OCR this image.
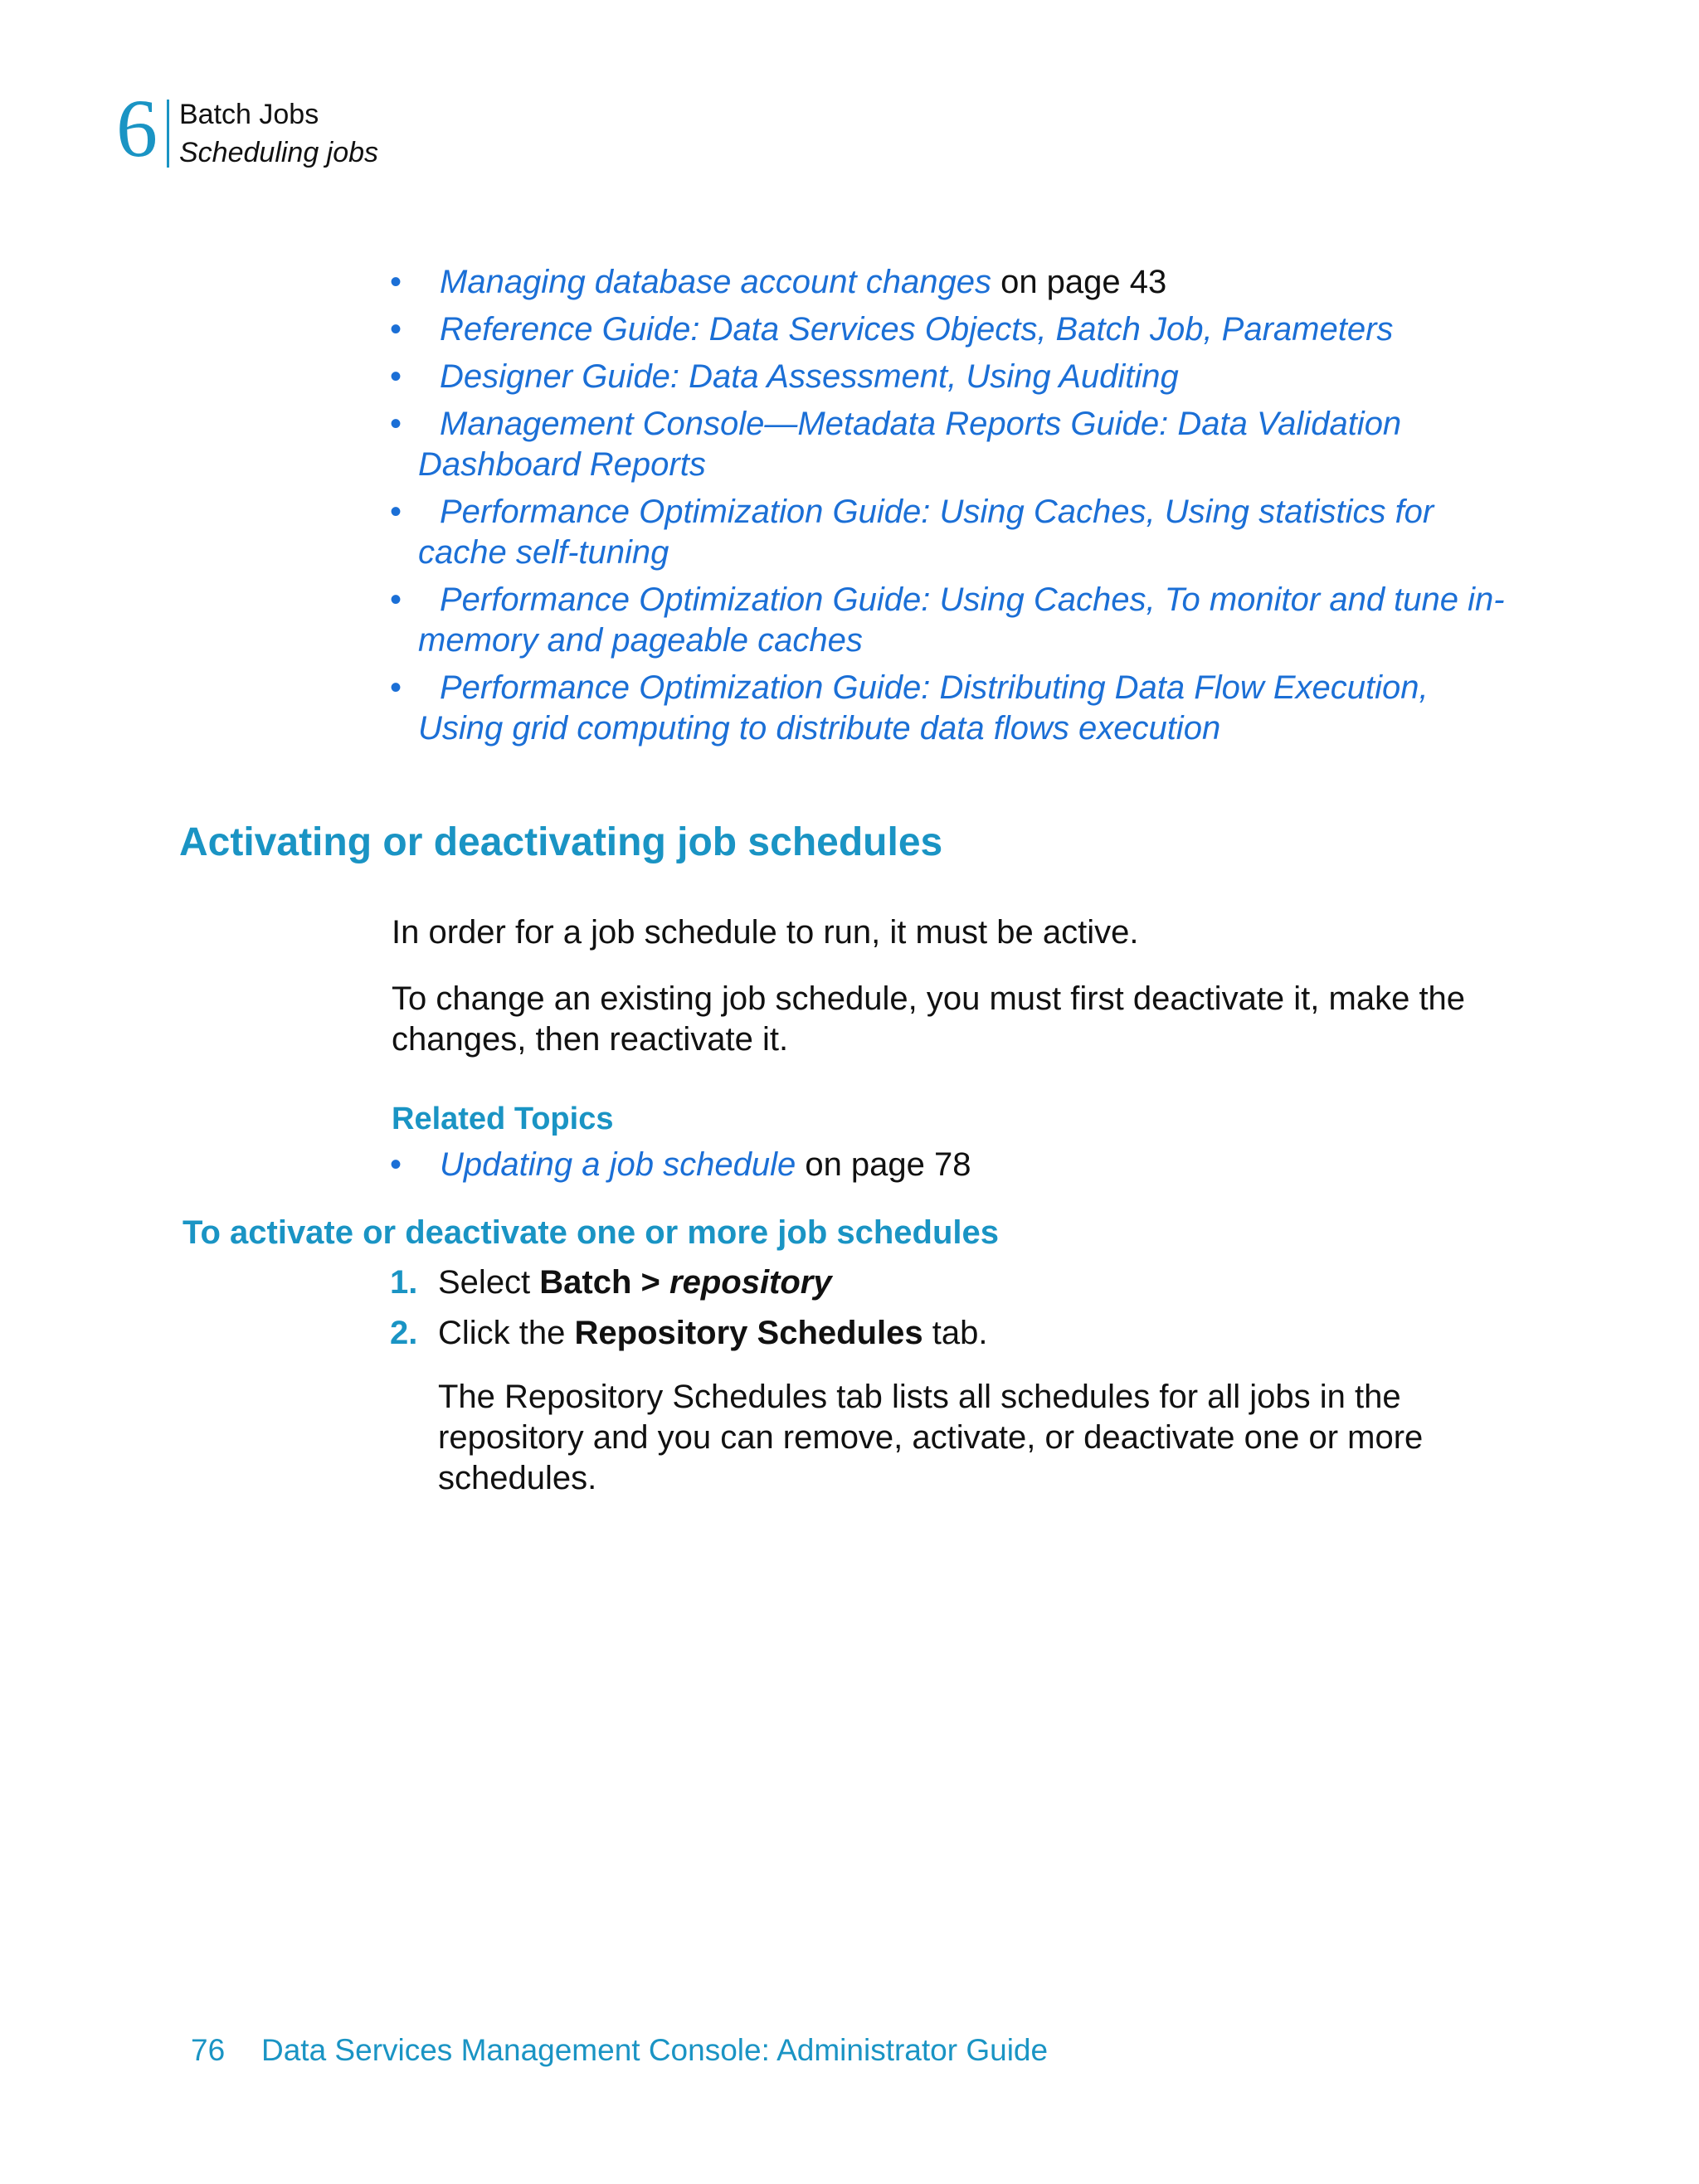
6 Batch Jobs
Scheduling jobs
• Managing database account changes on page 43
• Reference Guide: Data Services Objects, Batch Job, Parameters
• Designer Guide: Data Assessment, Using Auditing
• Management Console—Metadata Reports Guide: Data Validation Dashboard Reports
• Performance Optimization Guide: Using Caches, Using statistics for cache self-tuning
• Performance Optimization Guide: Using Caches, To monitor and tune in-memory and pageable caches
• Performance Optimization Guide: Distributing Data Flow Execution, Using grid computing to distribute data flows execution
Activating or deactivating job schedules

In order for a job schedule to run, it must be active.

To change an existing job schedule, you must first deactivate it, make the changes, then reactivate it.

Related Topics
• Updating a job schedule on page 78
To activate or deactivate one or more job schedules
1. Select Batch > repository
2. Click the Repository Schedules tab.

The Repository Schedules tab lists all schedules for all jobs in the repository and you can remove, activate, or deactivate one or more schedules.

76 Data Services Management Console: Administrator Guide
